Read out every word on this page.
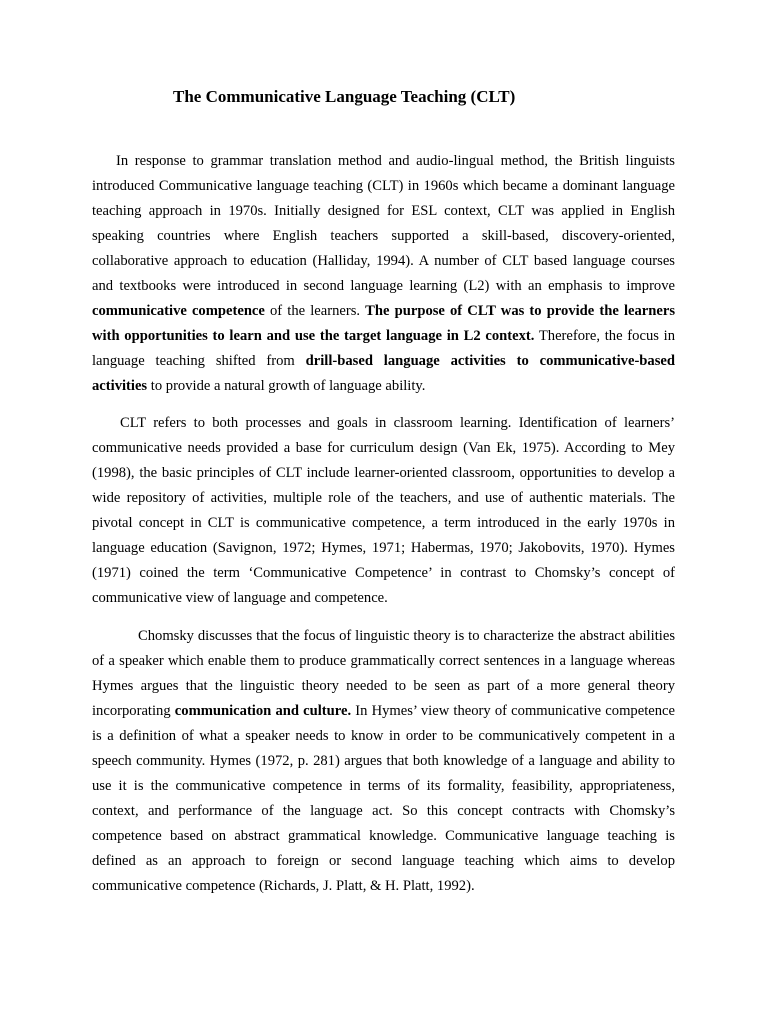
The Communicative Language Teaching (CLT)

In response to grammar translation method and audio-lingual method, the British linguists introduced Communicative language teaching (CLT) in 1960s which became a dominant language teaching approach in 1970s. Initially designed for ESL context, CLT was applied in English speaking countries where English teachers supported a skill-based, discovery-oriented, collaborative approach to education (Halliday, 1994). A number of CLT based language courses and textbooks were introduced in second language learning (L2) with an emphasis to improve communicative competence of the learners. The purpose of CLT was to provide the learners with opportunities to learn and use the target language in L2 context. Therefore, the focus in language teaching shifted from drill-based language activities to communicative-based activities to provide a natural growth of language ability.

CLT refers to both processes and goals in classroom learning. Identification of learners’ communicative needs provided a base for curriculum design (Van Ek, 1975). According to Mey (1998), the basic principles of CLT include learner-oriented classroom, opportunities to develop a wide repository of activities, multiple role of the teachers, and use of authentic materials. The pivotal concept in CLT is communicative competence, a term introduced in the early 1970s in language education (Savignon, 1972; Hymes, 1971; Habermas, 1970; Jakobovits, 1970). Hymes (1971) coined the term ‘Communicative Competence’ in contrast to Chomsky’s concept of communicative view of language and competence.

Chomsky discusses that the focus of linguistic theory is to characterize the abstract abilities of a speaker which enable them to produce grammatically correct sentences in a language whereas Hymes argues that the linguistic theory needed to be seen as part of a more general theory incorporating communication and culture. In Hymes’ view theory of communicative competence is a definition of what a speaker needs to know in order to be communicatively competent in a speech community. Hymes (1972, p. 281) argues that both knowledge of a language and ability to use it is the communicative competence in terms of its formality, feasibility, appropriateness, context, and performance of the language act. So this concept contracts with Chomsky’s competence based on abstract grammatical knowledge. Communicative language teaching is defined as an approach to foreign or second language teaching which aims to develop communicative competence (Richards, J. Platt, & H. Platt, 1992).
